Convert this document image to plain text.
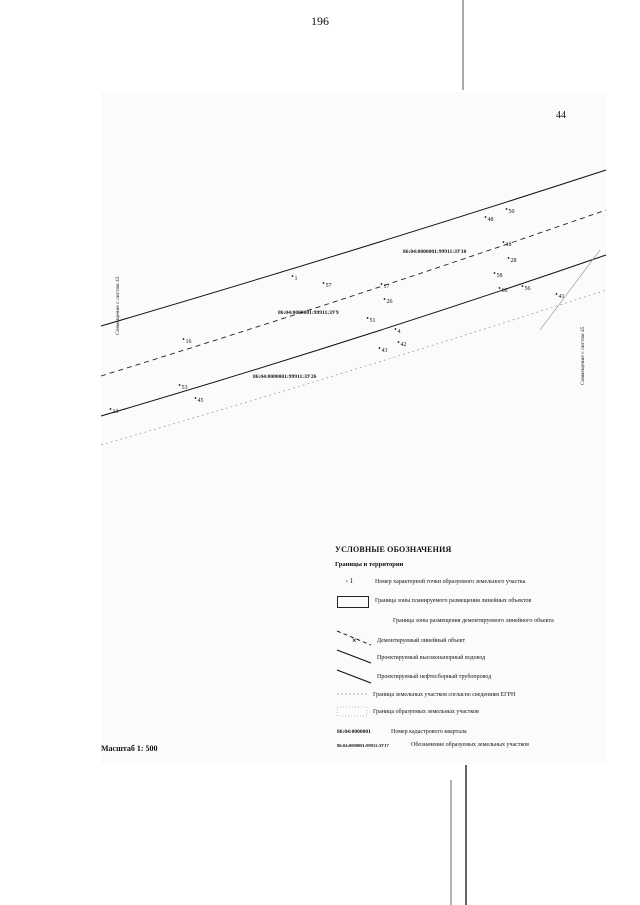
196
Совмещение с листом 43
Совмещение с листом 45
86:04:0000001:99911:ЗУ10
86:04:0000001:99911:ЗУ9
86:04:0000001:99911:ЗУ26
48
50
18
28
58
60	56
41
1
57	17
26
51
4
42
43
16
53
45
13
44
УСЛОВНЫЕ ОБОЗНАЧЕНИЯ
Границы и территории
• 1	Номер характерной точки образуемого земельного участка
Граница зоны планируемого размещения линейных объектов
Граница зоны размещения демонтируемого линейного объекта
×	Демонтируемый линейный объект
Проектируемый высоконапорный водовод
Проектируемый нефтесборный трубопровод
Граница земельных участков согласно сведениям ЕГРН
Граница образуемых земельных участков
86:04:0000001	Номер кадастрового квартала
86:04:0000001:99911:ЗУ17	Обозначение образуемых земельных участков
Масштаб 1: 500
